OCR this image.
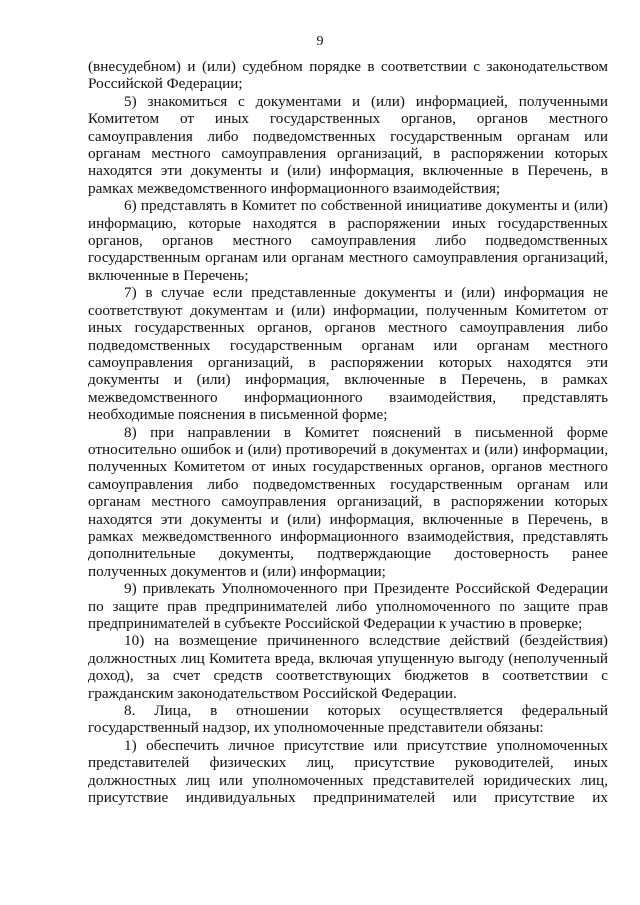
9

(внесудебном) и (или) судебном порядке в соответствии с законодательством Российской Федерации;

5) знакомиться с документами и (или) информацией, полученными Комитетом от иных государственных органов, органов местного самоуправления либо подведомственных государственным органам или органам местного самоуправления организаций, в распоряжении которых находятся эти документы и (или) информация, включенные в Перечень, в рамках межведомственного информационного взаимодействия;

6) представлять в Комитет по собственной инициативе документы и (или) информацию, которые находятся в распоряжении иных государственных органов, органов местного самоуправления либо подведомственных государственным органам или органам местного самоуправления организаций, включенные в Перечень;

7) в случае если представленные документы и (или) информация не соответствуют документам и (или) информации, полученным Комитетом от иных государственных органов, органов местного самоуправления либо подведомственных государственным органам или органам местного самоуправления организаций, в распоряжении которых находятся эти документы и (или) информация, включенные в Перечень, в рамках межведомственного информационного взаимодействия, представлять необходимые пояснения в письменной форме;

8) при направлении в Комитет пояснений в письменной форме относительно ошибок и (или) противоречий в документах и (или) информации, полученных Комитетом от иных государственных органов, органов местного самоуправления либо подведомственных государственным органам или органам местного самоуправления организаций, в распоряжении которых находятся эти документы и (или) информация, включенные в Перечень, в рамках межведомственного информационного взаимодействия, представлять дополнительные документы, подтверждающие достоверность ранее полученных документов и (или) информации;

9) привлекать Уполномоченного при Президенте Российской Федерации по защите прав предпринимателей либо уполномоченного по защите прав предпринимателей в субъекте Российской Федерации к участию в проверке;

10) на возмещение причиненного вследствие действий (бездействия) должностных лиц Комитета вреда, включая упущенную выгоду (неполученный доход), за счет средств соответствующих бюджетов в соответствии с гражданским законодательством Российской Федерации.

8. Лица, в отношении которых осуществляется федеральный государственный надзор, их уполномоченные представители обязаны:

1) обеспечить личное присутствие или присутствие уполномоченных представителей физических лиц, присутствие руководителей, иных должностных лиц или уполномоченных представителей юридических лиц, присутствие индивидуальных предпринимателей или присутствие их
